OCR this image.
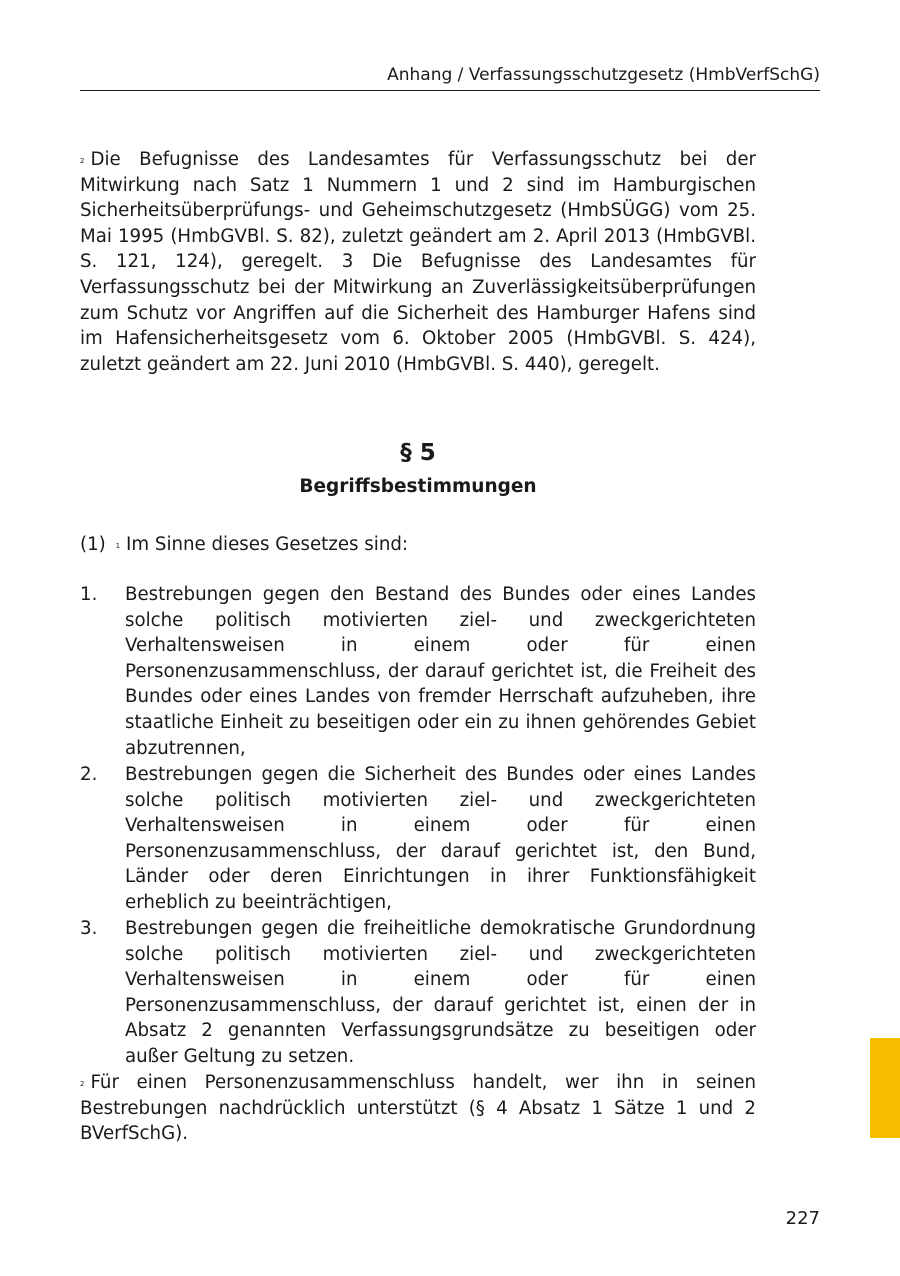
Anhang / Verfassungsschutzgesetz (HmbVerfSchG)
$^2$ Die Befugnisse des Landesamtes für Verfassungsschutz bei der Mitwirkung nach Satz 1 Nummern 1 und 2 sind im Hamburgischen Sicherheitsüberprüfungs- und Geheimschutzgesetz (HmbSÜGG) vom 25. Mai 1995 (HmbGVBl. S. 82), zuletzt geändert am 2. April 2013 (HmbGVBl. S. 121, 124), geregelt. 3 Die Befugnisse des Landesamtes für Verfassungsschutz bei der Mitwirkung an Zuverlässigkeitsüberprüfungen zum Schutz vor Angriffen auf die Sicherheit des Hamburger Hafens sind im Hafensicherheitsgesetz vom 6. Oktober 2005 (HmbGVBl. S. 424), zuletzt geändert am 22. Juni 2010 (HmbGVBl. S. 440), geregelt.
§ 5
Begriffsbestimmungen
(1) $^1$ Im Sinne dieses Gesetzes sind:
1. Bestrebungen gegen den Bestand des Bundes oder eines Landes solche politisch motivierten ziel- und zweckgerichteten Verhaltensweisen in einem oder für einen Personenzusammenschluss, der darauf gerichtet ist, die Freiheit des Bundes oder eines Landes von fremder Herrschaft aufzuheben, ihre staatliche Einheit zu beseitigen oder ein zu ihnen gehörendes Gebiet abzutrennen,
2. Bestrebungen gegen die Sicherheit des Bundes oder eines Landes solche politisch motivierten ziel- und zweckgerichteten Verhaltensweisen in einem oder für einen Personenzusammenschluss, der darauf gerichtet ist, den Bund, Länder oder deren Einrichtungen in ihrer Funktionsfähigkeit erheblich zu beeinträchtigen,
3. Bestrebungen gegen die freiheitliche demokratische Grundordnung solche politisch motivierten ziel- und zweckgerichteten Verhaltensweisen in einem oder für einen Personenzusammenschluss, der darauf gerichtet ist, einen der in Absatz 2 genannten Verfassungsgrundsätze zu beseitigen oder außer Geltung zu setzen.
$^2$ Für einen Personenzusammenschluss handelt, wer ihn in seinen Bestrebungen nachdrücklich unterstützt (§ 4 Absatz 1 Sätze 1 und 2 BVerfSchG).
227
